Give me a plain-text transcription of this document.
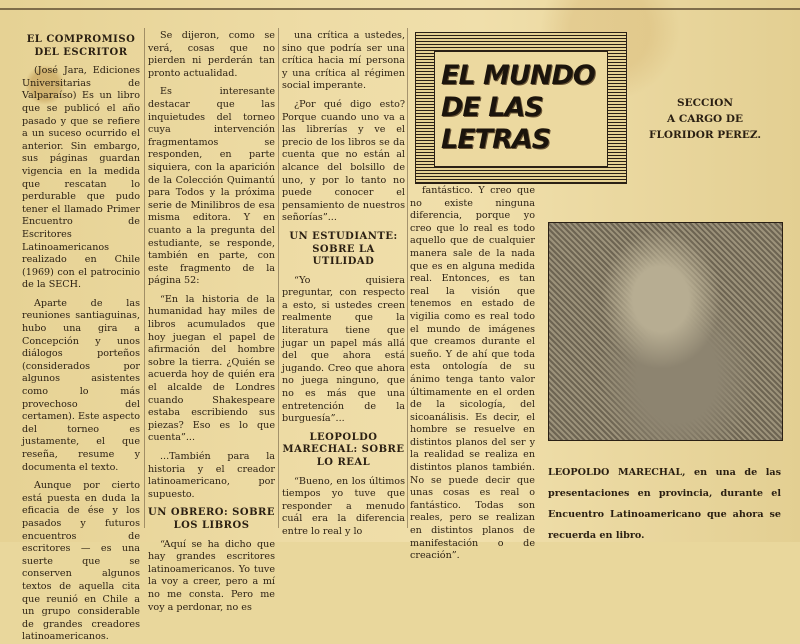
EL COMPROMISO DEL ESCRITOR

(José Jara, Ediciones Universitarias de Valparaíso) Es un libro que se publicó el año pasado y que se refiere a un suceso ocurrido el anterior. Sin embargo, sus páginas guardan vigencia en la medida que rescatan lo perdurable que pudo tener el llamado Primer Encuentro de Escritores Latinoamericanos realizado en Chile (1969) con el patrocinio de la SECH.

Aparte de las reuniones santiaguinas, hubo una gira a Concepción y unos diálogos porteños (considerados por algunos asistentes como lo más provechoso del certamen). Este aspecto del torneo es justamente, el que reseña, resume y documenta el texto.

Aunque por cierto está puesta en duda la eficacia de ése y los pasados y futuros encuentros de escritores — es una suerte que se conserven algunos textos de aquella cita que reunió en Chile a un grupo considerable de grandes creadores latinoamericanos.

Se dijeron, como se verá, cosas que no pierden ni perderán tan pronto actualidad.

Es interesante destacar que las inquietudes del torneo cuya intervención fragmentamos se responden, en parte siquiera, con la aparición de la Colección Quimantú para Todos y la próxima serie de Minilibros de esa misma editora. Y en cuanto a la pregunta del estudiante, se responde, también en parte, con este fragmento de la página 52:

“En la historia de la humanidad hay miles de libros acumulados que hoy juegan el papel de afirmación del hombre sobre la tierra. ¿Quién se acuerda hoy de quién era el alcalde de Londres cuando Shakespeare estaba escribiendo sus piezas? Eso es lo que cuenta”...

...También para la historia y el creador latinoamericano, por supuesto.

UN OBRERO: SOBRE LOS LIBROS

“Aquí se ha dicho que hay grandes escritores latinoamericanos. Yo tuve la voy a creer, pero a mí no me consta. Pero me voy a perdonar, no es

una crítica a ustedes, sino que podría ser una crítica hacia mí persona y una crítica al régimen social imperante.

¿Por qué digo esto? Porque cuando uno va a las librerías y ve el precio de los libros se da cuenta que no están al alcance del bolsillo de uno, y por lo tanto no puede conocer el pensamiento de nuestros señorías”...

UN ESTUDIANTE: SOBRE LA UTILIDAD

“Yo quisiera preguntar, con respecto a esto, si ustedes creen realmente que la literatura tiene que jugar un papel más allá del que ahora está jugando. Creo que ahora no juega ninguno, que no es más que una entretención de la burguesía”...

LEOPOLDO MARECHAL: SOBRE LO REAL

“Bueno, en los últimos tiempos yo tuve que responder a menudo cuál era la diferencia entre lo real y lo

EL MUNDO DE LAS LETRAS
SECCION
A CARGO DE
FLORIDOR PEREZ.

fantástico. Y creo que no existe ninguna diferencia, porque yo creo que lo real es todo aquello que de cualquier manera sale de la nada que es en alguna medida real. Entonces, es tan real la visión que tenemos en estado de vigilia como es real todo el mundo de imágenes que creamos durante el sueño. Y de ahí que toda esta ontología de su ánimo tenga tanto valor últimamente en el orden de la sicología, del sicoanálisis. Es decir, el hombre se resuelve en distintos planos del ser y la realidad se realiza en distintos planos también. No se puede decir que unas cosas es real o fantástico. Todas son reales, pero se realizan en distintos planos de manifestación o de creación”.

LEOPOLDO MARECHAL, en una de las presentaciones en provincia, durante el Encuentro Latinoamericano que ahora se recuerda en libro.
